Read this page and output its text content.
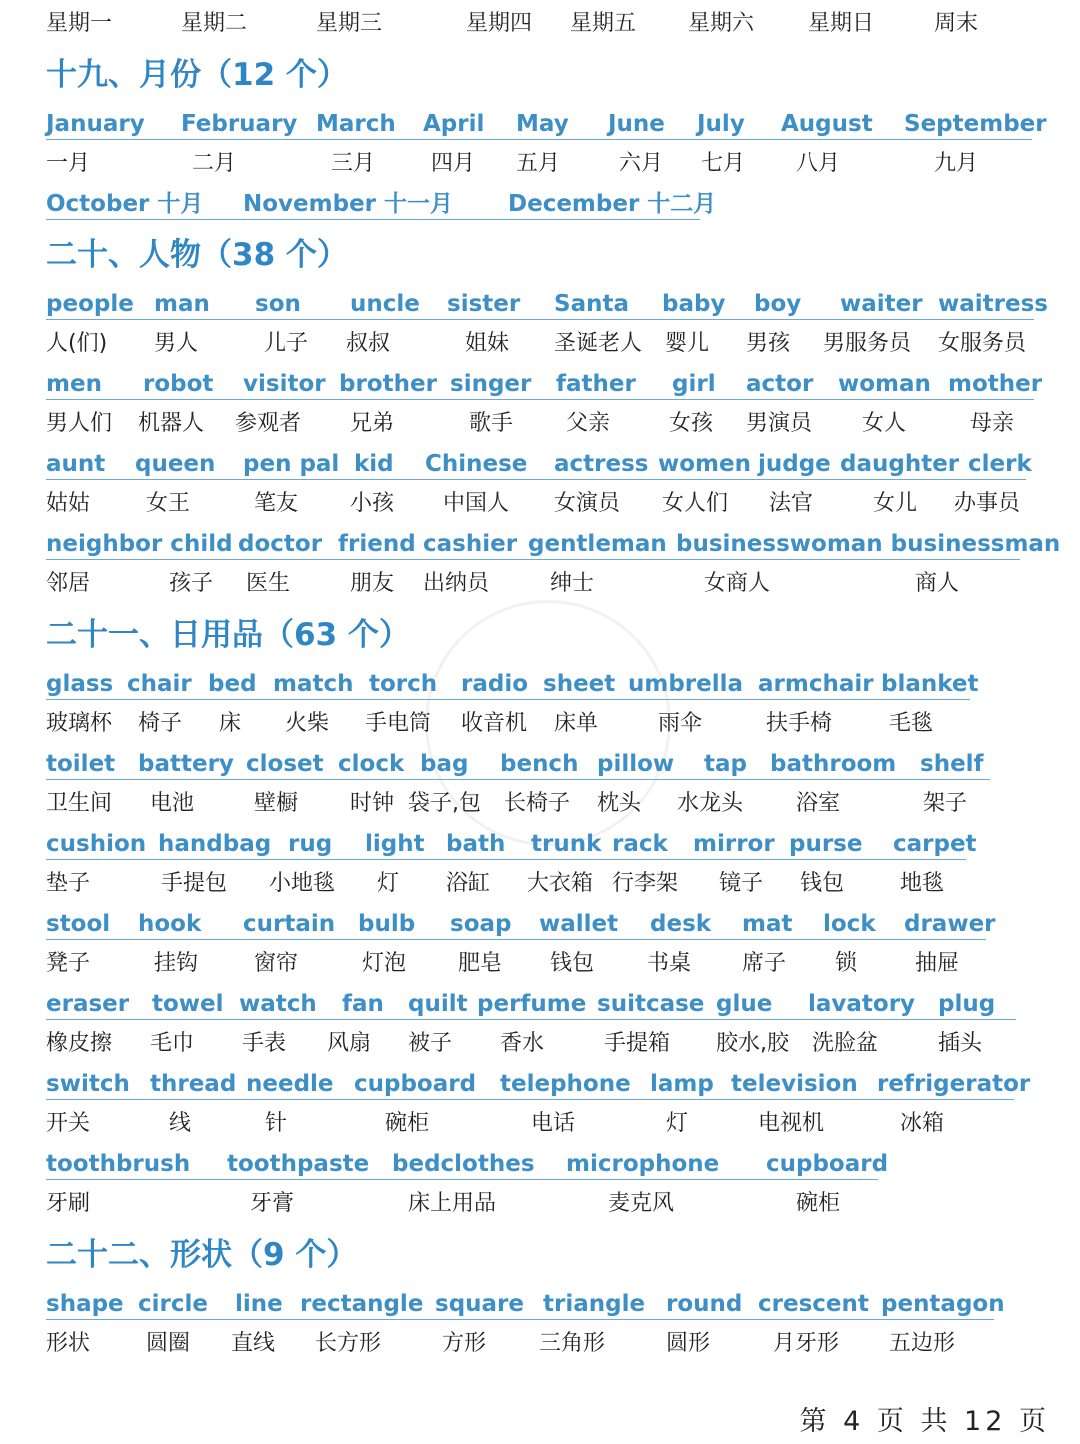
星期一	星期二	星期三	星期四 星期五 星期六 星期日	周末
十九、月份（12 个）
January February March April May June July August September
一月	二月	三月	四月 五月	六月 七月 八月	九月
October 十月 November 十一月 December 十二月
二十、人物（38 个）
people man son uncle sister Santa baby boy waiter waitress
人(们) 男人	儿子 叔叔	姐妹 圣诞老人 婴儿 男孩 男服务员 女服务员
men robot visitor brother singer father girl actor woman mother
男人们 机器人 参观者 兄弟	歌手 父亲	女孩 男演员 女人	母亲
aunt queen pen pal kid Chinese actress women judge daughter clerk
姑姑	女王	笔友 小孩 中国人 女演员 女人们 法官	女儿 办事员
neighbor child doctor friend cashier gentleman businesswoman businessman
邻居	孩子 医生	朋友 出纳员	绅士	女商人	商人
二十一、日用品（63 个）
glass chair bed match torch radio sheet umbrella armchair blanket
玻璃杯 椅子 床 火柴 手电筒 收音机 床单	雨伞	扶手椅	毛毯
toilet battery closet clock bag bench pillow tap bathroom shelf
卫生间 电池	壁橱 时钟 袋子,包 长椅子 枕头 水龙头 浴室	架子
cushion handbag rug light bath trunk rack mirror purse carpet
垫子	手提包 小地毯 灯 浴缸 大衣箱 行李架 镜子 钱包	地毯
stool hook curtain bulb soap wallet desk mat lock drawer
凳子	挂钩	窗帘	灯泡 肥皂 钱包 书桌 席子 锁	抽屉
eraser towel watch fan quilt perfume suitcase glue lavatory plug
橡皮擦 毛巾 手表 风扇 被子 香水	手提箱 胶水,胶 洗脸盆	插头
switch thread needle cupboard telephone lamp television refrigerator
开关	线	针	碗柜	电话	灯	电视机	冰箱
toothbrush toothpaste bedclothes microphone cupboard
牙刷	牙膏	床上用品	麦克风	碗柜
二十二、形状（9 个）
shape circle line rectangle square triangle round crescent pentagon
形状	圆圈 直线 长方形	方形 三角形	圆形	月牙形 五边形
第 4 页 共 12 页
